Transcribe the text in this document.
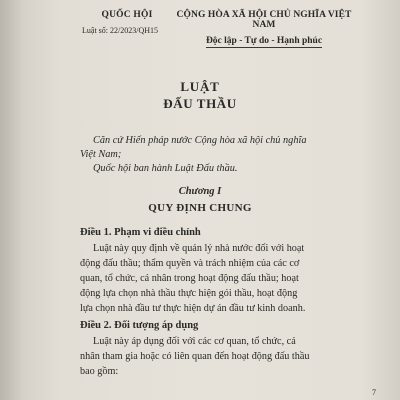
QUỐC HỘI
Luật số: 22/2023/QH15
CỘNG HÒA XÃ HỘI CHỦ NGHĨA VIỆT NAM
Độc lập - Tự do - Hạnh phúc
LUẬT
ĐẤU THẦU
Căn cứ Hiến pháp nước Cộng hòa xã hội chủ nghĩa
Việt Nam;
Quốc hội ban hành Luật Đấu thầu.
Chương I
QUY ĐỊNH CHUNG
Điều 1. Phạm vi điều chỉnh
Luật này quy định về quản lý nhà nước đối với hoạt
động đấu thầu; thẩm quyền và trách nhiệm của các cơ
quan, tổ chức, cá nhân trong hoạt động đấu thầu; hoạt
động lựa chọn nhà thầu thực hiện gói thầu, hoạt động
lựa chọn nhà đầu tư thực hiện dự án đầu tư kinh doanh.
Điều 2. Đối tượng áp dụng
Luật này áp dụng đối với các cơ quan, tổ chức, cá
nhân tham gia hoặc có liên quan đến hoạt động đấu thầu
bao gồm:
7
